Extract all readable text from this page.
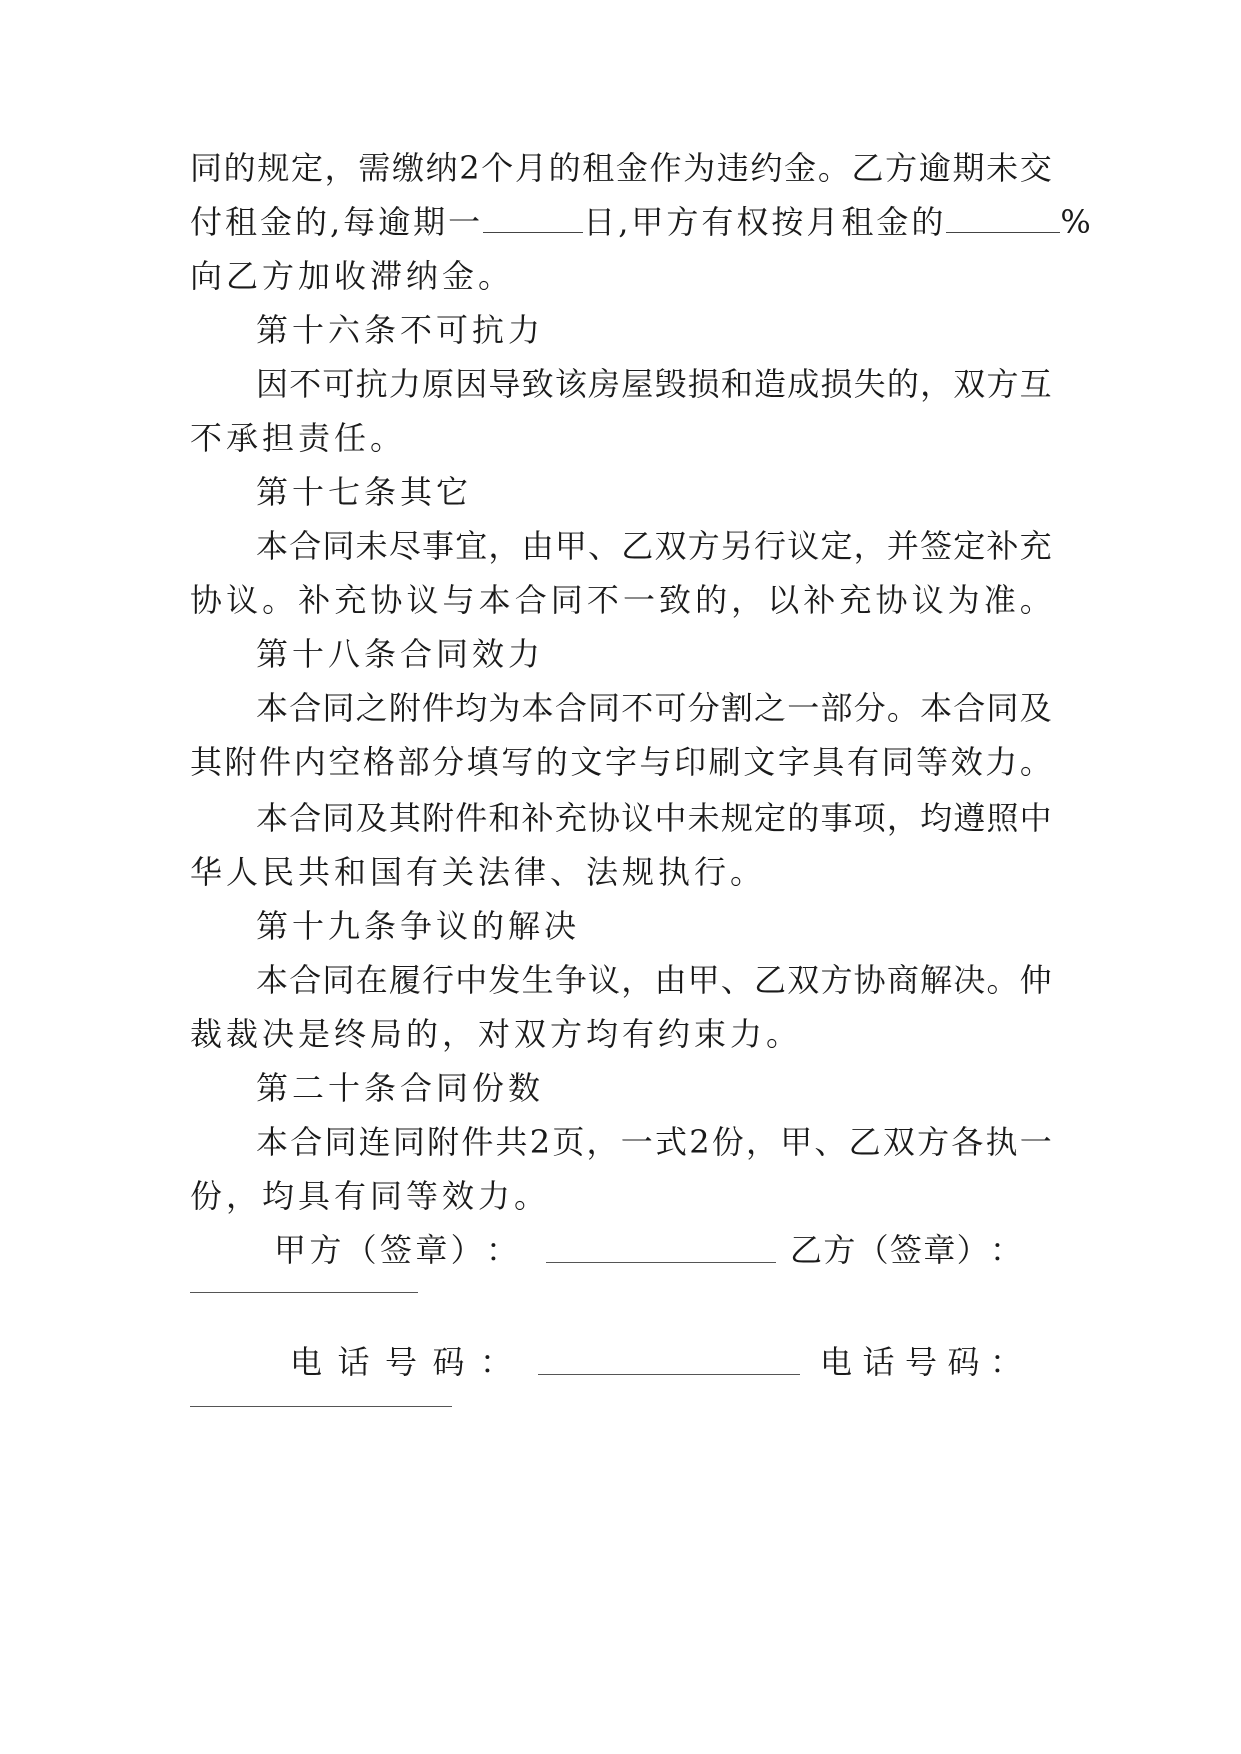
同 的 规 定 ， 需 缴 纳 2 个 月 的 租 金 作 为 违 约 金 。 乙 方 逾 期 未 交
付租金的,每逾期一	日,甲方有权按月租金的	%
向乙方加收滞纳金。
第十六条不可抗力
因 不 可 抗 力 原 因 导 致 该 房 屋 毁 损 和 造 成 损 失 的 ， 双 方 互
不承担责任。
第十七条其它
本 合 同 未 尽 事 宜 ， 由 甲 、 乙 双 方 另 行 议 定 ， 并 签 定 补 充
协 议 。 补 充 协 议 与 本 合 同 不 一 致 的 ， 以 补 充 协 议 为 准 。
第十八条合同效力
本 合 同 之 附 件 均 为 本 合 同 不 可 分 割 之 一 部 分 。 本 合 同 及
其 附 件 内 空 格 部 分 填 写 的 文 字 与 印 刷 文 字 具 有 同 等 效 力 。
本 合 同 及 其 附 件 和 补 充 协 议 中 未 规 定 的 事 项 ， 均 遵 照 中
华人民共和国有关法律、法规执行。
第十九条争议的解决
本 合 同 在 履 行 中 发 生 争 议 ， 由 甲 、 乙 双 方 协 商 解 决 。 仲
裁裁决是终局的，对双方均有约束力。
第二十条合同份数
本 合 同 连 同 附 件 共 2 页 ， 一 式 2 份 ， 甲 、 乙 双 方 各 执 一
份，均具有同等效力。
甲 方 （ 签 章 ） ：	乙 方 （ 签 章 ） ：
电 话 号 码 ：	电 话 号 码 ：
